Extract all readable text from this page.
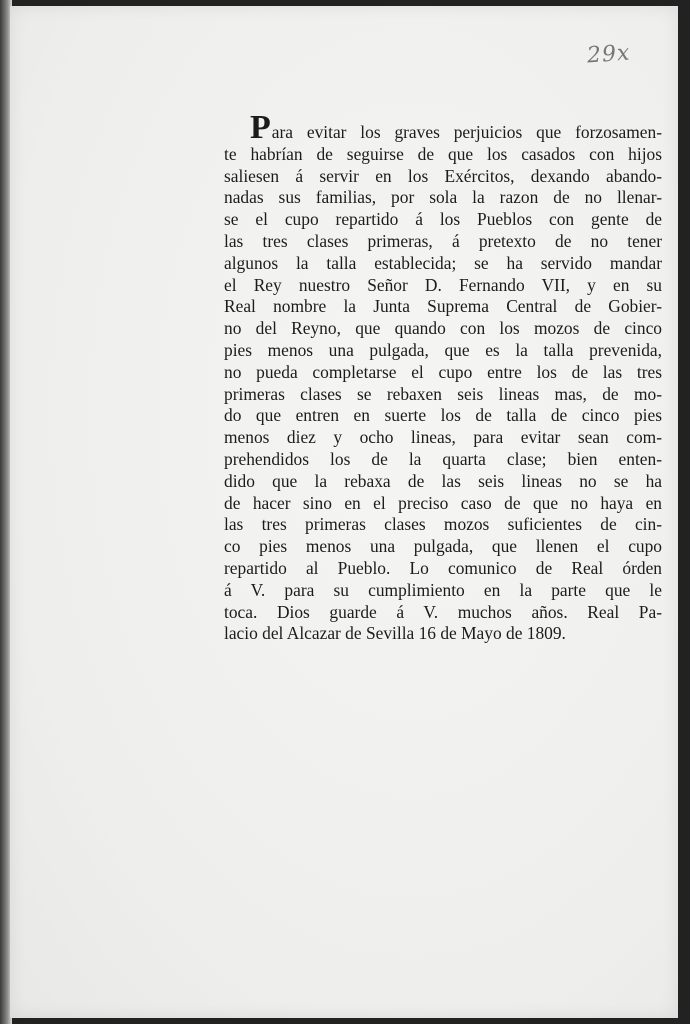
29x
Para evitar los graves perjuicios que forzosamen-
te habrían de seguirse de que los casados con hijos
saliesen á servir en los Exércitos, dexando abando-
nadas sus familias, por sola la razon de no llenar-
se el cupo repartido á los Pueblos con gente de
las tres clases primeras, á pretexto de no tener
algunos la talla establecida; se ha servido mandar
el Rey nuestro Señor D. Fernando VII, y en su
Real nombre la Junta Suprema Central de Gobier-
no del Reyno, que quando con los mozos de cinco
pies menos una pulgada, que es la talla prevenida,
no pueda completarse el cupo entre los de las tres
primeras clases se rebaxen seis lineas mas, de mo-
do que entren en suerte los de talla de cinco pies
menos diez y ocho lineas, para evitar sean com-
prehendidos los de la quarta clase; bien enten-
dido que la rebaxa de las seis lineas no se ha
de hacer sino en el preciso caso de que no haya en
las tres primeras clases mozos suficientes de cin-
co pies menos una pulgada, que llenen el cupo
repartido al Pueblo. Lo comunico de Real órden
á V. para su cumplimiento en la parte que le
toca. Dios guarde á V. muchos años. Real Pa-
lacio del Alcazar de Sevilla 16 de Mayo de 1809.
